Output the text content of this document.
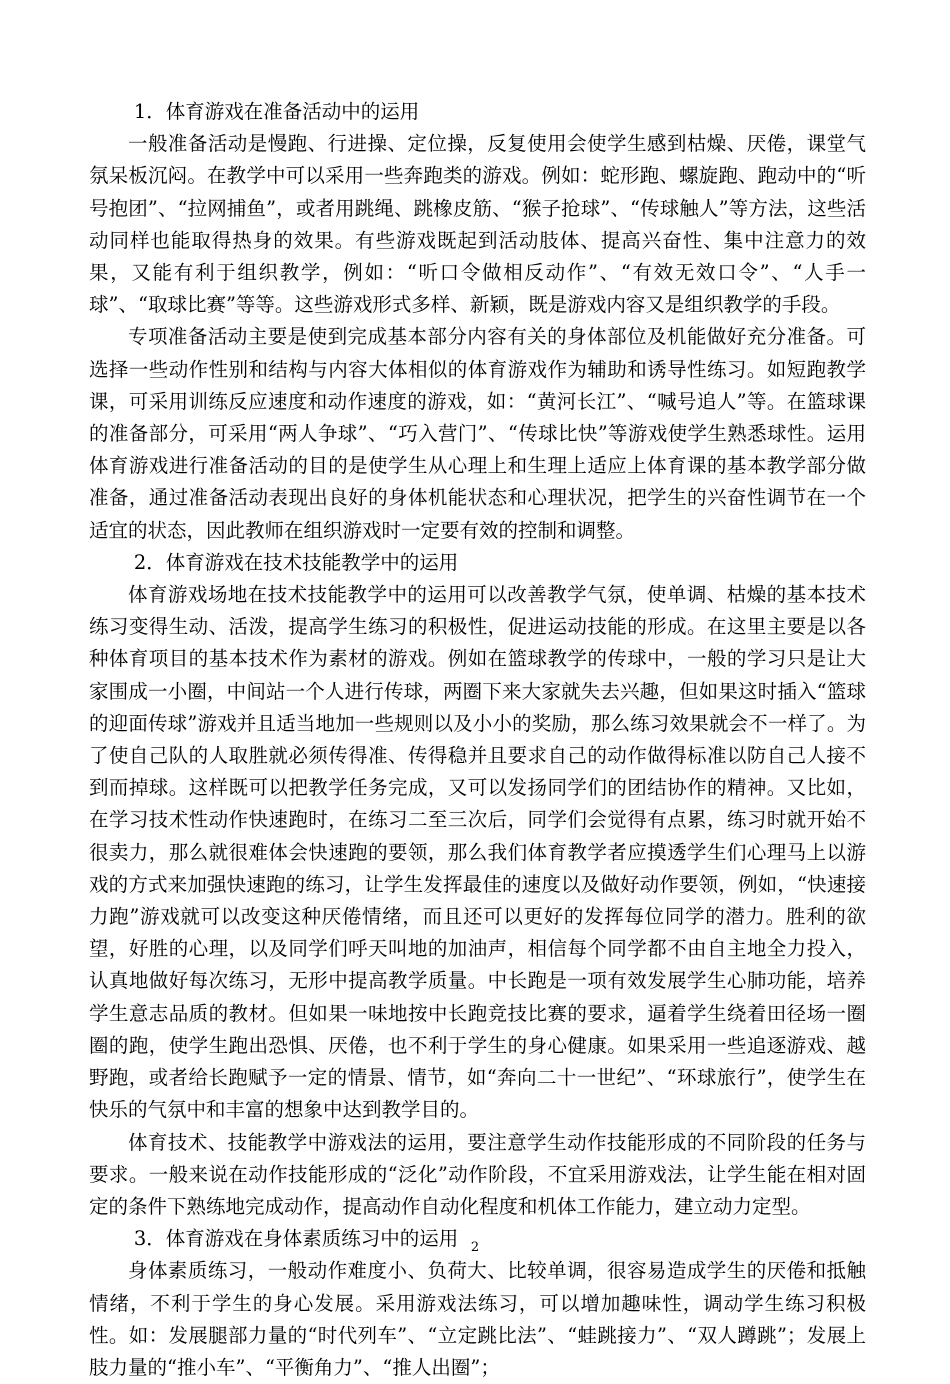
1．体育游戏在准备活动中的运用

一般准备活动是慢跑、行进操、定位操，反复使用会使学生感到枯燥、厌倦，课堂气氛呆板沉闷。在教学中可以采用一些奔跑类的游戏。例如：蛇形跑、螺旋跑、跑动中的“听号抱团”、“拉网捕鱼”，或者用跳绳、跳橡皮筋、“猴子抢球”、“传球触人”等方法，这些活动同样也能取得热身的效果。有些游戏既起到活动肢体、提高兴奋性、集中注意力的效果，又能有利于组织教学，例如：“听口令做相反动作”、“有效无效口令”、“人手一球”、“取球比赛”等等。这些游戏形式多样、新颖，既是游戏内容又是组织教学的手段。

专项准备活动主要是使到完成基本部分内容有关的身体部位及机能做好充分准备。可选择一些动作性别和结构与内容大体相似的体育游戏作为辅助和诱导性练习。如短跑教学课，可采用训练反应速度和动作速度的游戏，如：“黄河长江”、“喊号追人”等。在篮球课的准备部分，可采用“两人争球”、“巧入营门”、“传球比快”等游戏使学生熟悉球性。运用体育游戏进行准备活动的目的是使学生从心理上和生理上适应上体育课的基本教学部分做准备，通过准备活动表现出良好的身体机能状态和心理状况，把学生的兴奋性调节在一个适宜的状态，因此教师在组织游戏时一定要有效的控制和调整。

2．体育游戏在技术技能教学中的运用

体育游戏场地在技术技能教学中的运用可以改善教学气氛，使单调、枯燥的基本技术练习变得生动、活泼，提高学生练习的积极性，促进运动技能的形成。在这里主要是以各种体育项目的基本技术作为素材的游戏。例如在篮球教学的传球中，一般的学习只是让大家围成一小圈，中间站一个人进行传球，两圈下来大家就失去兴趣，但如果这时插入“篮球的迎面传球”游戏并且适当地加一些规则以及小小的奖励，那么练习效果就会不一样了。为了使自己队的人取胜就必须传得准、传得稳并且要求自己的动作做得标准以防自己人接不到而掉球。这样既可以把教学任务完成，又可以发扬同学们的团结协作的精神。又比如，在学习技术性动作快速跑时，在练习二至三次后，同学们会觉得有点累，练习时就开始不很卖力，那么就很难体会快速跑的要领，那么我们体育教学者应摸透学生们心理马上以游戏的方式来加强快速跑的练习，让学生发挥最佳的速度以及做好动作要领，例如，“快速接力跑”游戏就可以改变这种厌倦情绪，而且还可以更好的发挥每位同学的潜力。胜利的欲望，好胜的心理，以及同学们呼天叫地的加油声，相信每个同学都不由自主地全力投入，认真地做好每次练习，无形中提高教学质量。中长跑是一项有效发展学生心肺功能，培养学生意志品质的教材。但如果一味地按中长跑竞技比赛的要求，逼着学生绕着田径场一圈圈的跑，使学生跑出恐惧、厌倦，也不利于学生的身心健康。如果采用一些追逐游戏、越野跑，或者给长跑赋予一定的情景、情节，如“奔向二十一世纪”、“环球旅行”，使学生在快乐的气氛中和丰富的想象中达到教学目的。

体育技术、技能教学中游戏法的运用，要注意学生动作技能形成的不同阶段的任务与要求。一般来说在动作技能形成的“泛化”动作阶段，不宜采用游戏法，让学生能在相对固定的条件下熟练地完成动作，提高动作自动化程度和机体工作能力，建立动力定型。

3．体育游戏在身体素质练习中的运用

身体素质练习，一般动作难度小、负荷大、比较单调，很容易造成学生的厌倦和抵触情绪，不利于学生的身心发展。采用游戏法练习，可以增加趣味性，调动学生练习积极性。如：发展腿部力量的“时代列车”、“立定跳比法”、“蛙跳接力”、“双人蹲跳”；发展上肢力量的“推小车”、“平衡角力”、“推人出圈”；

2
